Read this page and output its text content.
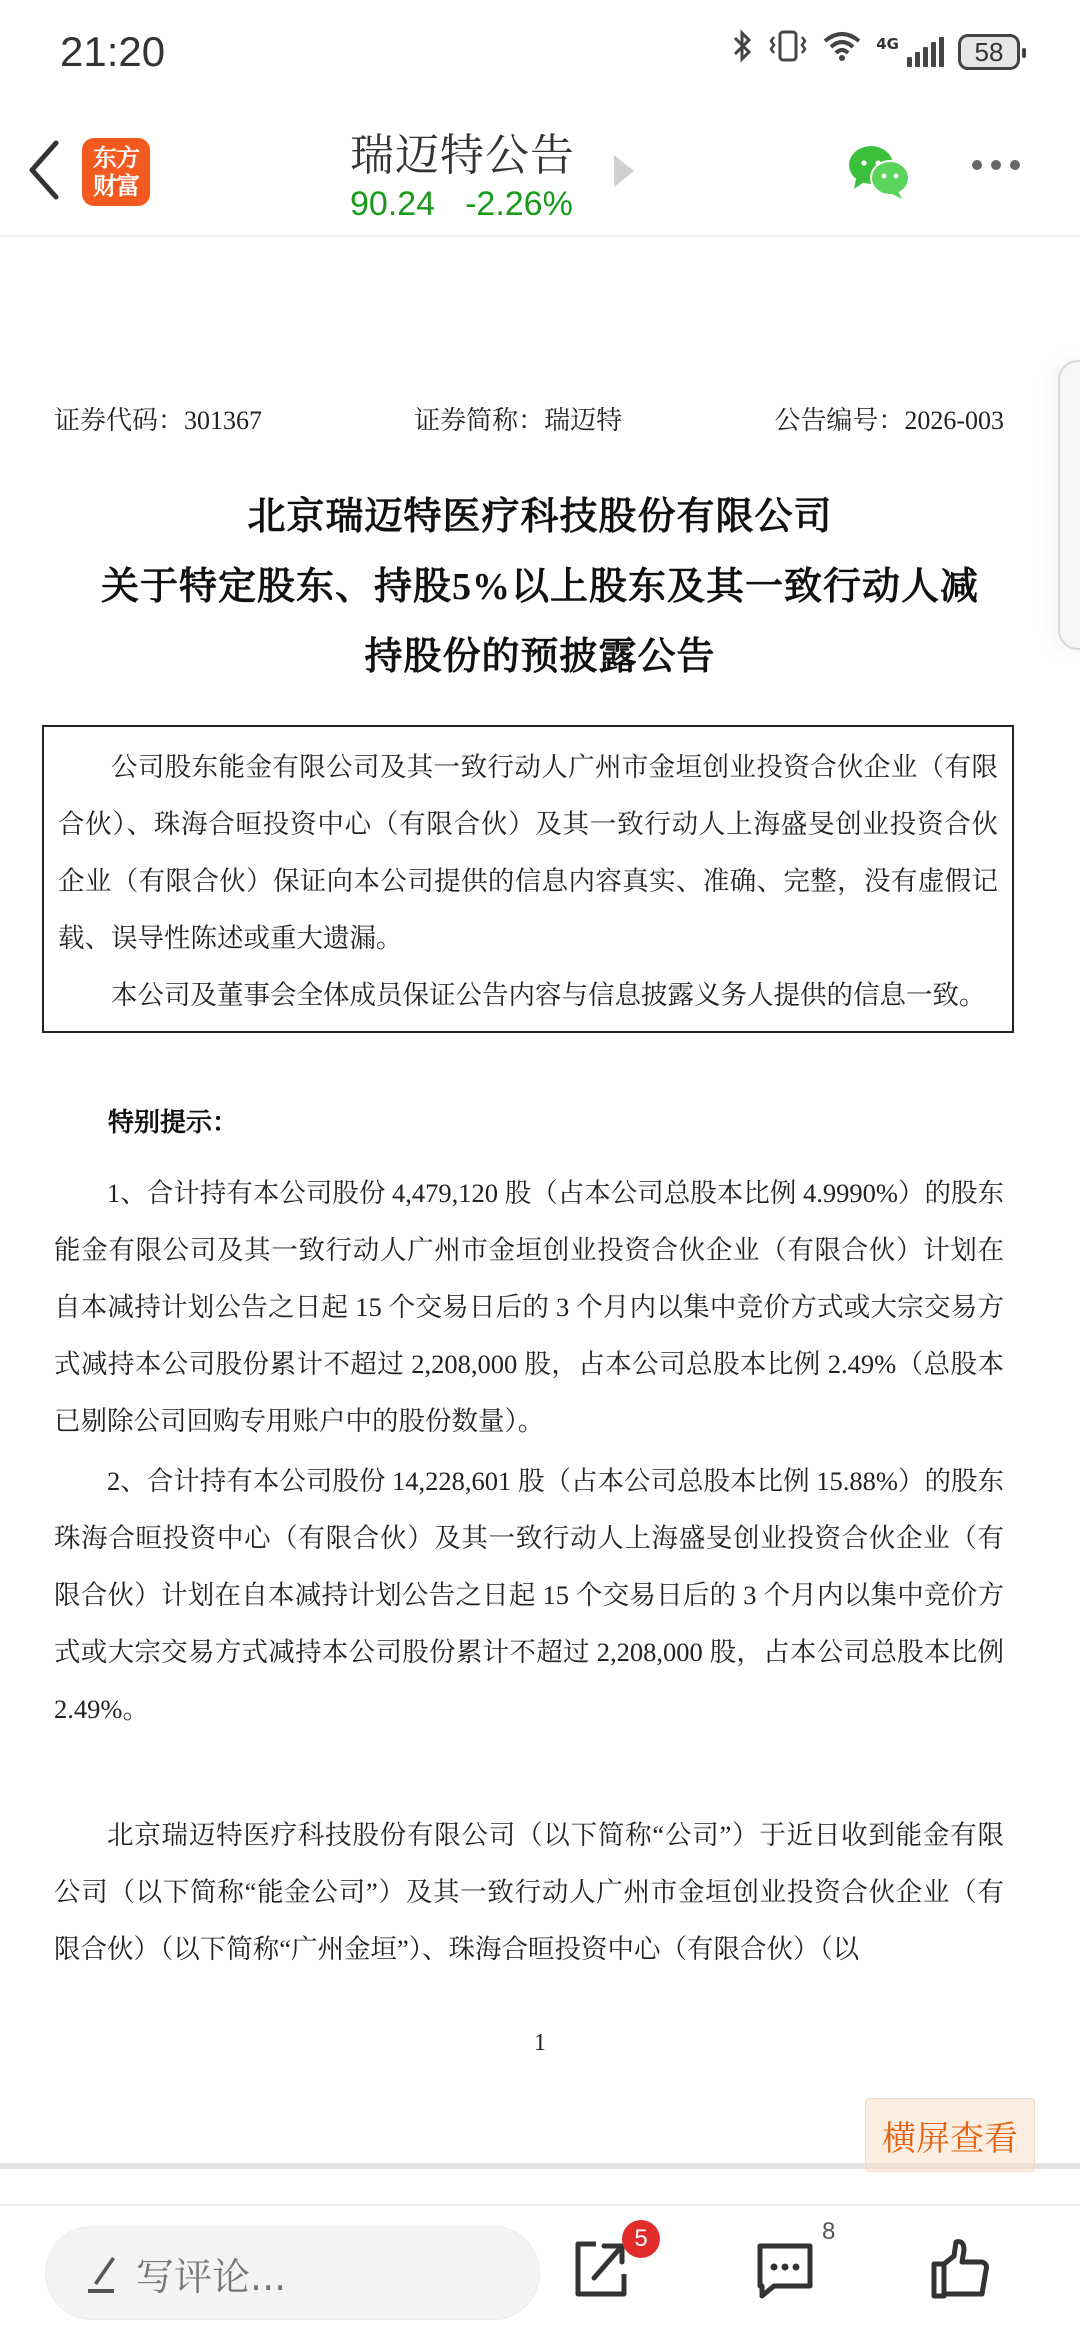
21:20	4G	58
东方
财富
瑞迈特公告
90.24 -2.26%
证券代码：301367	证券简称：瑞迈特	公告编号：2026-003
北京瑞迈特医疗科技股份有限公司
关于特定股东、持股5%以上股东及其一致行动人减
持股份的预披露公告

公司股东能金有限公司及其一致行动人广州市金垣创业投资合伙企业（有限合伙）、珠海合晅投资中心（有限合伙）及其一致行动人上海盛旻创业投资合伙企业（有限合伙）保证向本公司提供的信息内容真实、准确、完整，没有虚假记载、误导性陈述或重大遗漏。

本公司及董事会全体成员保证公告内容与信息披露义务人提供的信息一致。

特别提示：

1、合计持有本公司股份 4,479,120 股（占本公司总股本比例 4.9990%）的股东能金有限公司及其一致行动人广州市金垣创业投资合伙企业（有限合伙）计划在自本减持计划公告之日起 15 个交易日后的 3 个月内以集中竞价方式或大宗交易方式减持本公司股份累计不超过 2,208,000 股，占本公司总股本比例 2.49%（总股本已剔除公司回购专用账户中的股份数量）。

2、合计持有本公司股份 14,228,601 股（占本公司总股本比例 15.88%）的股东珠海合晅投资中心（有限合伙）及其一致行动人上海盛旻创业投资合伙企业（有限合伙）计划在自本减持计划公告之日起 15 个交易日后的 3 个月内以集中竞价方式或大宗交易方式减持本公司股份累计不超过 2,208,000 股，占本公司总股本比例 2.49%。

北京瑞迈特医疗科技股份有限公司（以下简称“公司”）于近日收到能金有限公司（以下简称“能金公司”）及其一致行动人广州市金垣创业投资合伙企业（有限合伙）（以下简称“广州金垣”）、珠海合晅投资中心（有限合伙）（以

1
横屏查看
写评论...
5	8
